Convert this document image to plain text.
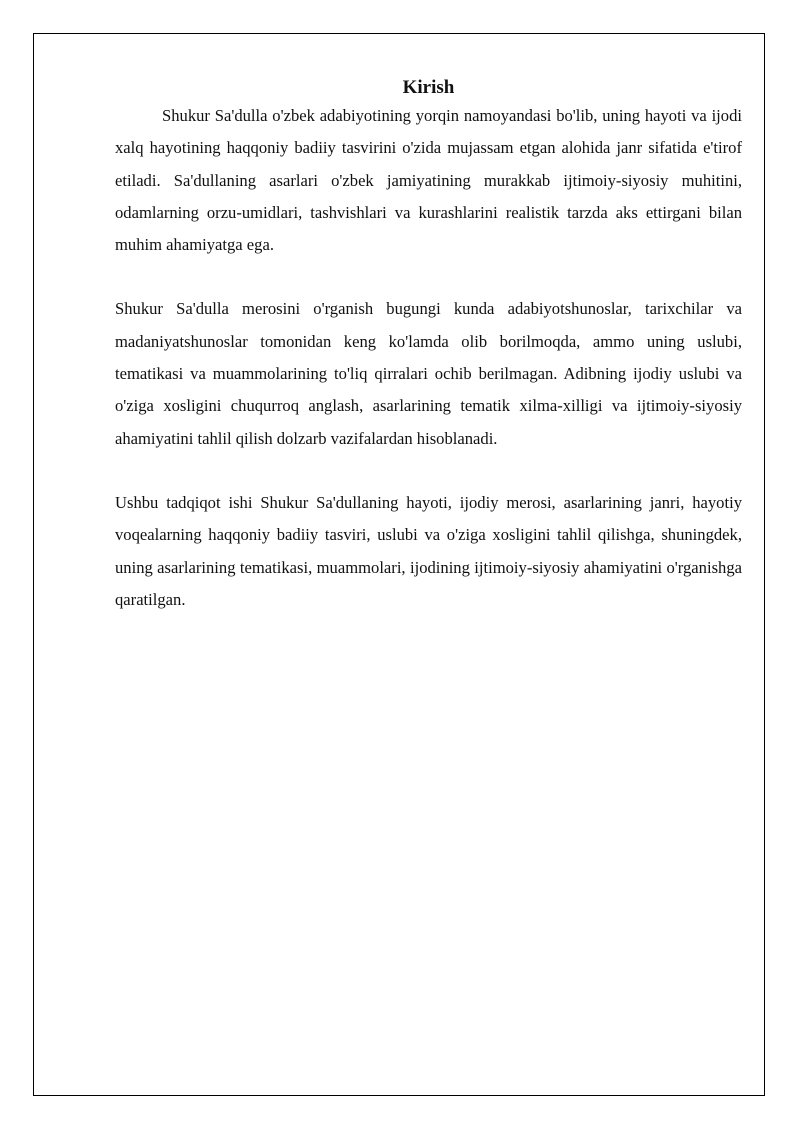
Kirish

Shukur Sa'dulla o'zbek adabiyotining yorqin namoyandasi bo'lib, uning hayoti va ijodi xalq hayotining haqqoniy badiiy tasvirini o'zida mujassam etgan alohida janr sifatida e'tirof etiladi. Sa'dullaning asarlari o'zbek jamiyatining murakkab ijtimoiy-siyosiy muhitini, odamlarning orzu-umidlari, tashvishlari va kurashlarini realistik tarzda aks ettirgani bilan muhim ahamiyatga ega.

Shukur Sa'dulla merosini o'rganish bugungi kunda adabiyotshunoslar, tarixchilar va madaniyatshunoslar tomonidan keng ko'lamda olib borilmoqda, ammo uning uslubi, tematikasi va muammolarining to'liq qirralari ochib berilmagan. Adibning ijodiy uslubi va o'ziga xosligini chuqurroq anglash, asarlarining tematik xilma-xilligi va ijtimoiy-siyosiy ahamiyatini tahlil qilish dolzarb vazifalardan hisoblanadi.

Ushbu tadqiqot ishi Shukur Sa'dullaning hayoti, ijodiy merosi, asarlarining janri, hayotiy voqealarning haqqoniy badiiy tasviri, uslubi va o'ziga xosligini tahlil qilishga, shuningdek, uning asarlarining tematikasi, muammolari, ijodining ijtimoiy-siyosiy ahamiyatini o'rganishga qaratilgan.
